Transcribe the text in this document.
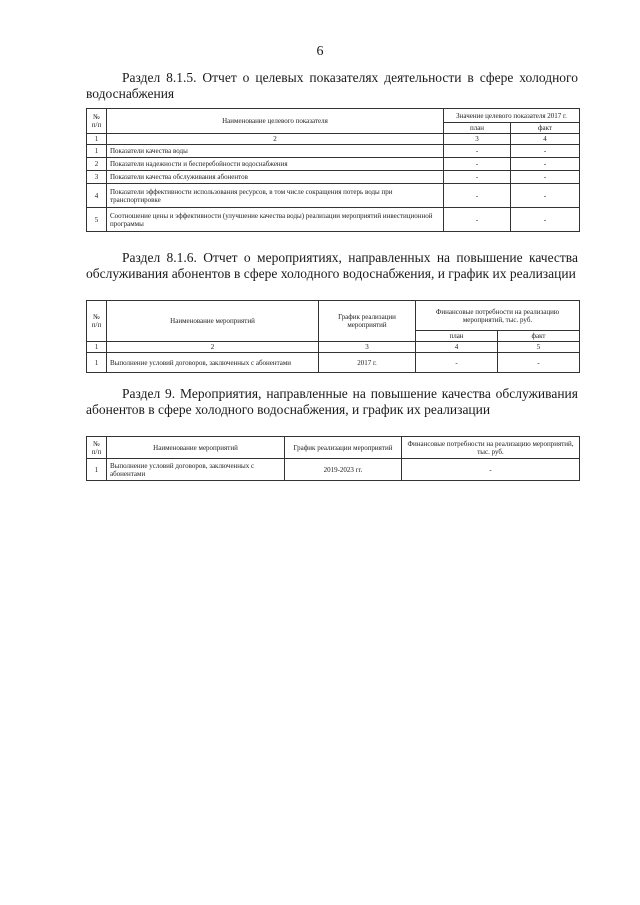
6
Раздел 8.1.5. Отчет о целевых показателях деятельности в сфере холодного водоснабжения
№ п/п	Наименование целевого показателя	Значение целевого показателя 2017 г.	
		план	факт
1	2	3	4
1	Показатели качества воды	-	-
2	Показатели надежности и бесперебойности водоснабжения	-	-
3	Показатели качества обслуживания абонентов	-	-
4	Показатели эффективности использования ресурсов, в том числе сокращения потерь воды при транспортировке	-	-
5	Соотношение цены и эффективности (улучшение качества воды) реализации мероприятий инвестиционной программы	-	-
Раздел 8.1.6. Отчет о мероприятиях, направленных на повышение качества обслуживания абонентов в сфере холодного водоснабжения, и график их реализации
№ п/п	Наименование мероприятий	График реализации мероприятий	Финансовые потребности на реализацию мероприятий, тыс. руб.	
			план	факт
1	2	3	4	5
1	Выполнение условий договоров, заключенных с абонентами	2017 г.	-	-
Раздел 9. Мероприятия, направленные на повышение качества обслуживания абонентов в сфере холодного водоснабжения, и график их реализации
№ п/п	Наименование мероприятий	График реализации мероприятий	Финансовые потребности на реализацию мероприятий, тыс. руб.
1	Выполнение условий договоров, заключенных с абонентами	2019-2023 гг.	-
